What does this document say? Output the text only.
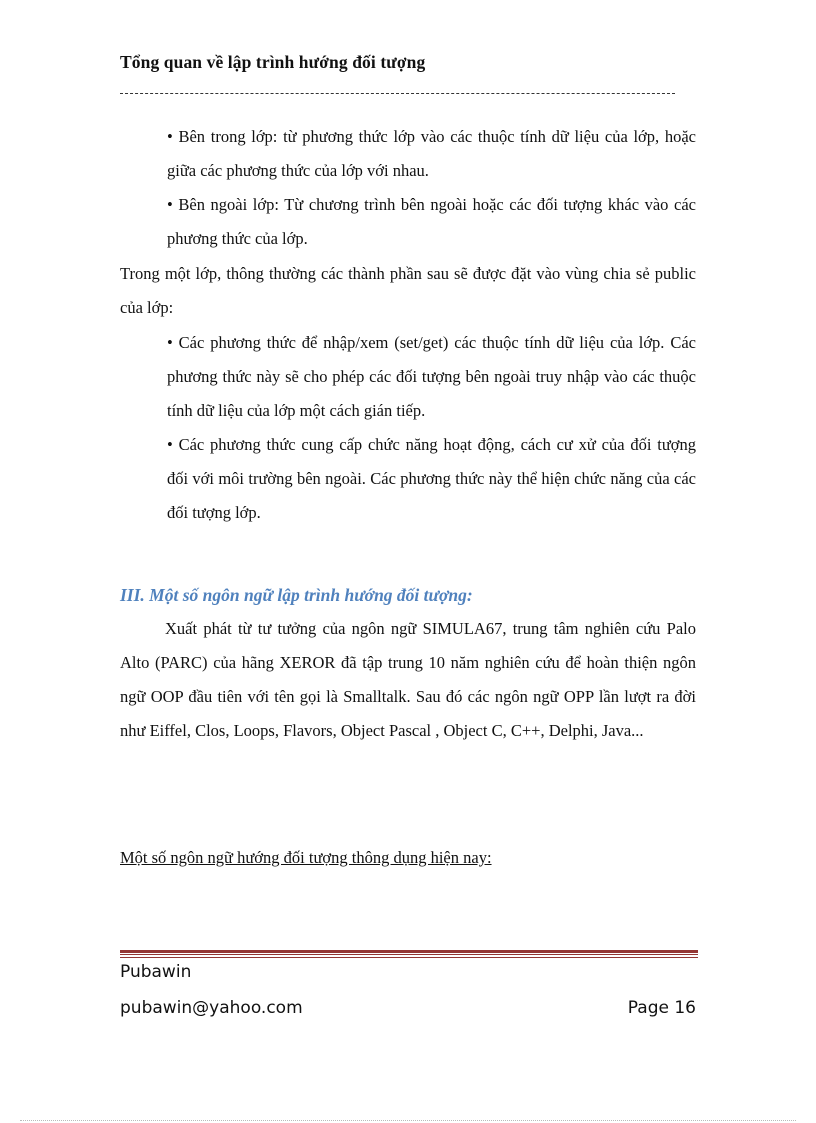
Tổng quan về lập trình hướng đối tượng

• Bên trong lớp: từ phương thức lớp vào các thuộc tính dữ liệu của lớp, hoặc giữa các phương thức của lớp với nhau.

• Bên ngoài lớp: Từ chương trình bên ngoài hoặc các đối tượng khác vào các phương thức của lớp.

Trong một lớp, thông thường các thành phần sau sẽ được đặt vào vùng chia sẻ public của lớp:

• Các phương thức để nhập/xem (set/get) các thuộc tính dữ liệu của lớp. Các phương thức này sẽ cho phép các đối tượng bên ngoài truy nhập vào các thuộc tính dữ liệu của lớp một cách gián tiếp.

• Các phương thức cung cấp chức năng hoạt động, cách cư xử của đối tượng đối với môi trường bên ngoài. Các phương thức này thể hiện chức năng của các đối tượng lớp.

III. Một số ngôn ngữ lập trình hướng đối tượng:

Xuất phát từ tư tưởng của ngôn ngữ SIMULA67, trung tâm nghiên cứu Palo Alto (PARC) của hãng XEROR đã tập trung 10 năm nghiên cứu để hoàn thiện ngôn ngữ OOP đầu tiên với tên gọi là Smalltalk. Sau đó các ngôn ngữ OPP lần lượt ra đời như Eiffel, Clos, Loops, Flavors, Object Pascal , Object C, C++, Delphi, Java...

Một số ngôn ngữ hướng đối tượng thông dụng hiện nay:
Pubawin
pubawin@yahoo.com	Page 16
